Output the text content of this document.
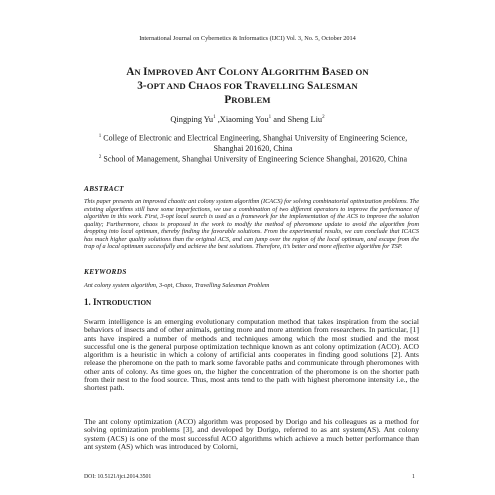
International Journal on Cybernetics & Informatics (IJCI) Vol. 3, No. 5, October 2014
AN IMPROVED ANT COLONY ALGORITHM BASED ON
3-OPT AND CHAOS FOR TRAVELLING SALESMAN
PROBLEM
Qingping Yu$^1$ ,Xiaoming You$^1$ and Sheng Liu$^2$
$^1$ College of Electronic and Electrical Engineering, Shanghai University of Engineering Science, Shanghai 201620, China
$^2$ School of Management, Shanghai University of Engineering Science Shanghai, 201620, China
ABSTRACT
This paper presents an improved chaotic ant colony system algorithm (ICACS) for solving combinatorial optimization problems. The existing algorithms still have some imperfections, we use a combination of two different operators to improve the performance of algorithm in this work. First, 3-opt local search is used as a framework for the implementation of the ACS to improve the solution quality; Furthermore, chaos is proposed in the work to modify the method of pheromone update to avoid the algorithm from dropping into local optimum, thereby finding the favorable solutions. From the experimental results, we can conclude that ICACS has much higher quality solutions than the original ACS, and can jump over the region of the local optimum, and escape from the trap of a local optimum successfully and achieve the best solutions. Therefore, it’s better and more effective algorithm for TSP.
KEYWORDS
Ant colony system algorithm, 3-opt, Chaos, Travelling Salesman Problem
1. INTRODUCTION
Swarm intelligence is an emerging evolutionary computation method that takes inspiration from the social behaviors of insects and of other animals, getting more and more attention from researchers. In particular, [1] ants have inspired a number of methods and techniques among which the most studied and the most successful one is the general purpose optimization technique known as ant colony optimization (ACO). ACO algorithm is a heuristic in which a colony of artificial ants cooperates in finding good solutions [2]. Ants release the pheromone on the path to mark some favorable paths and communicate through pheromones with other ants of colony. As time goes on, the higher the concentration of the pheromone is on the shorter path from their nest to the food source. Thus, most ants tend to the path with highest pheromone intensity i.e., the shortest path.
The ant colony optimization (ACO) algorithm was proposed by Dorigo and his colleagues as a method for solving optimization problems [3], and developed by Dorigo, referred to as ant system(AS). Ant colony system (ACS) is one of the most successful ACO algorithms which achieve a much better performance than ant system (AS) which was introduced by Colorni,
DOI: 10.5121/ijci.2014.3501	1
